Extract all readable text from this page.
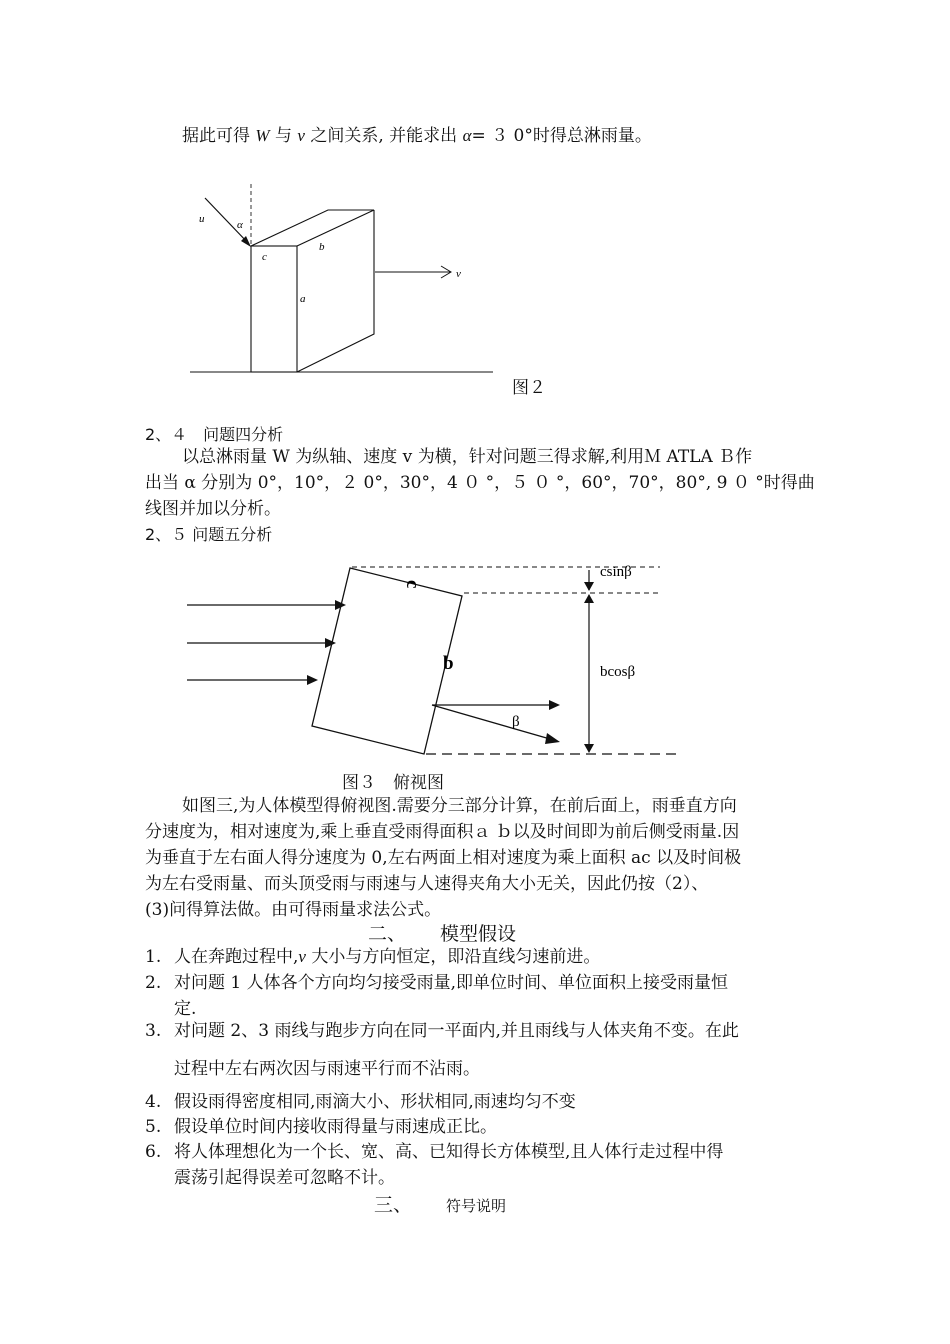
据此可得 W 与 v 之间关系, 并能求出 α= ３ 0°时得总淋雨量。
u	α
c
b
a
v
图２
2、４　问题四分析
以总淋雨量 W 为纵轴、速度 v 为横，针对问题三得求解,利用Ｍ ATLA Ｂ作
出当 α 分别为 0°，10°，２ 0°，30°，4 ０ °，５ ０ °，60°，70°，80°, 9 ０ °时得曲
线图并加以分析。
2、５ 问题五分析
csinβ
c
b	bcosβ
β
图３　俯视图
如图三,为人体模型得俯视图.需要分三部分计算，在前后面上，雨垂直方向
分速度为，相对速度为,乘上垂直受雨得面积ａ ｂ以及时间即为前后侧受雨量.因
为垂直于左右面人得分速度为 0,左右两面上相对速度为乘上面积 ac 以及时间极
为左右受雨量、而头顶受雨与雨速与人速得夹角大小无关，因此仍按（2）、
(3)问得算法做。由可得雨量求法公式。
二、 模型假设
1. 人在奔跑过程中,v 大小与方向恒定，即沿直线匀速前进。
2. 对问题 1 人体各个方向均匀接受雨量,即单位时间、单位面积上接受雨量恒
定.
3. 对问题 2、3 雨线与跑步方向在同一平面内,并且雨线与人体夹角不变。在此
过程中左右两次因与雨速平行而不沾雨。
4. 假设雨得密度相同,雨滴大小、形状相同,雨速均匀不变
5. 假设单位时间内接收雨得量与雨速成正比。
6. 将人体理想化为一个长、宽、高、已知得长方体模型,且人体行走过程中得
震荡引起得误差可忽略不计。
三、 符号说明
